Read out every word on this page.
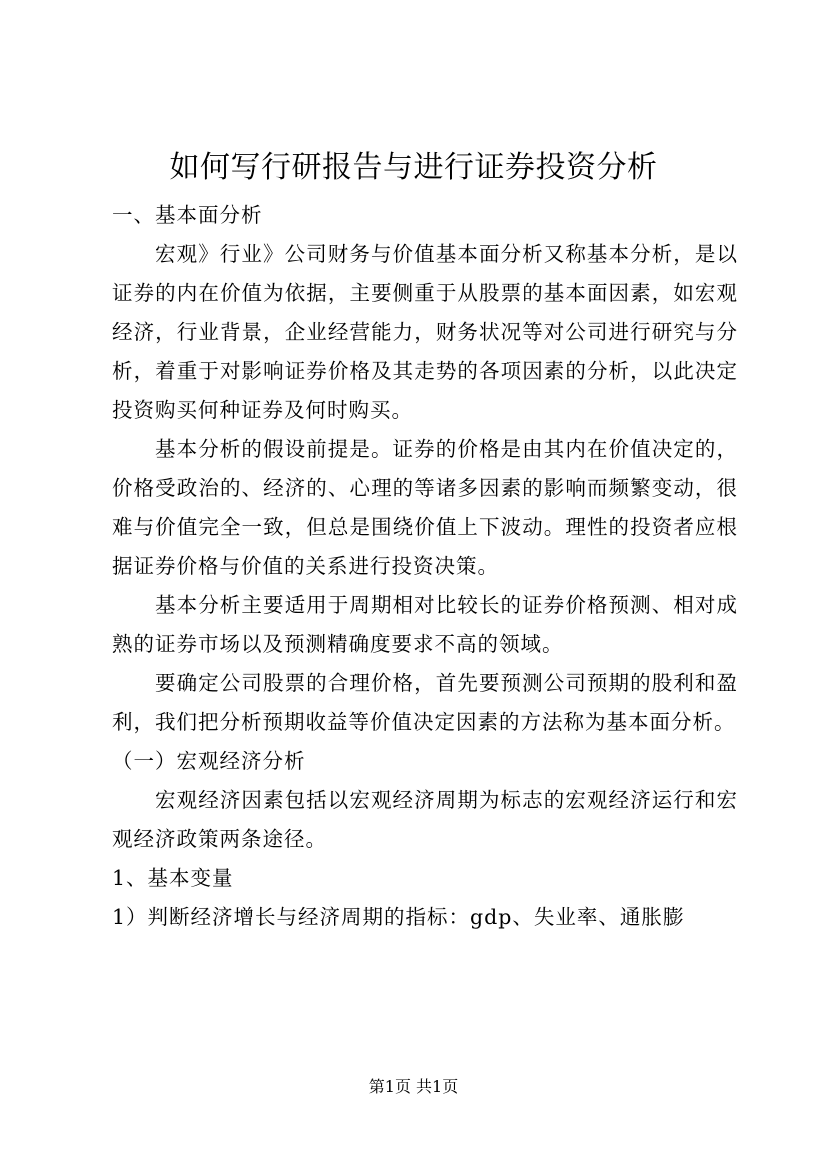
如何写行研报告与进行证券投资分析

一、基本面分析

宏观》行业》公司财务与价值基本面分析又称基本分析，是以证券的内在价值为依据，主要侧重于从股票的基本面因素，如宏观经济，行业背景，企业经营能力，财务状况等对公司进行研究与分析，着重于对影响证券价格及其走势的各项因素的分析，以此决定投资购买何种证券及何时购买。

基本分析的假设前提是。证券的价格是由其内在价值决定的，价格受政治的、经济的、心理的等诸多因素的影响而频繁变动，很难与价值完全一致，但总是围绕价值上下波动。理性的投资者应根据证券价格与价值的关系进行投资决策。

基本分析主要适用于周期相对比较长的证券价格预测、相对成熟的证券市场以及预测精确度要求不高的领域。

要确定公司股票的合理价格，首先要预测公司预期的股利和盈利，我们把分析预期收益等价值决定因素的方法称为基本面分析。

（一）宏观经济分析

宏观经济因素包括以宏观经济周期为标志的宏观经济运行和宏观经济政策两条途径。

1、基本变量

1）判断经济增长与经济周期的指标：gdp、失业率、通胀膨

第1页 共1页
